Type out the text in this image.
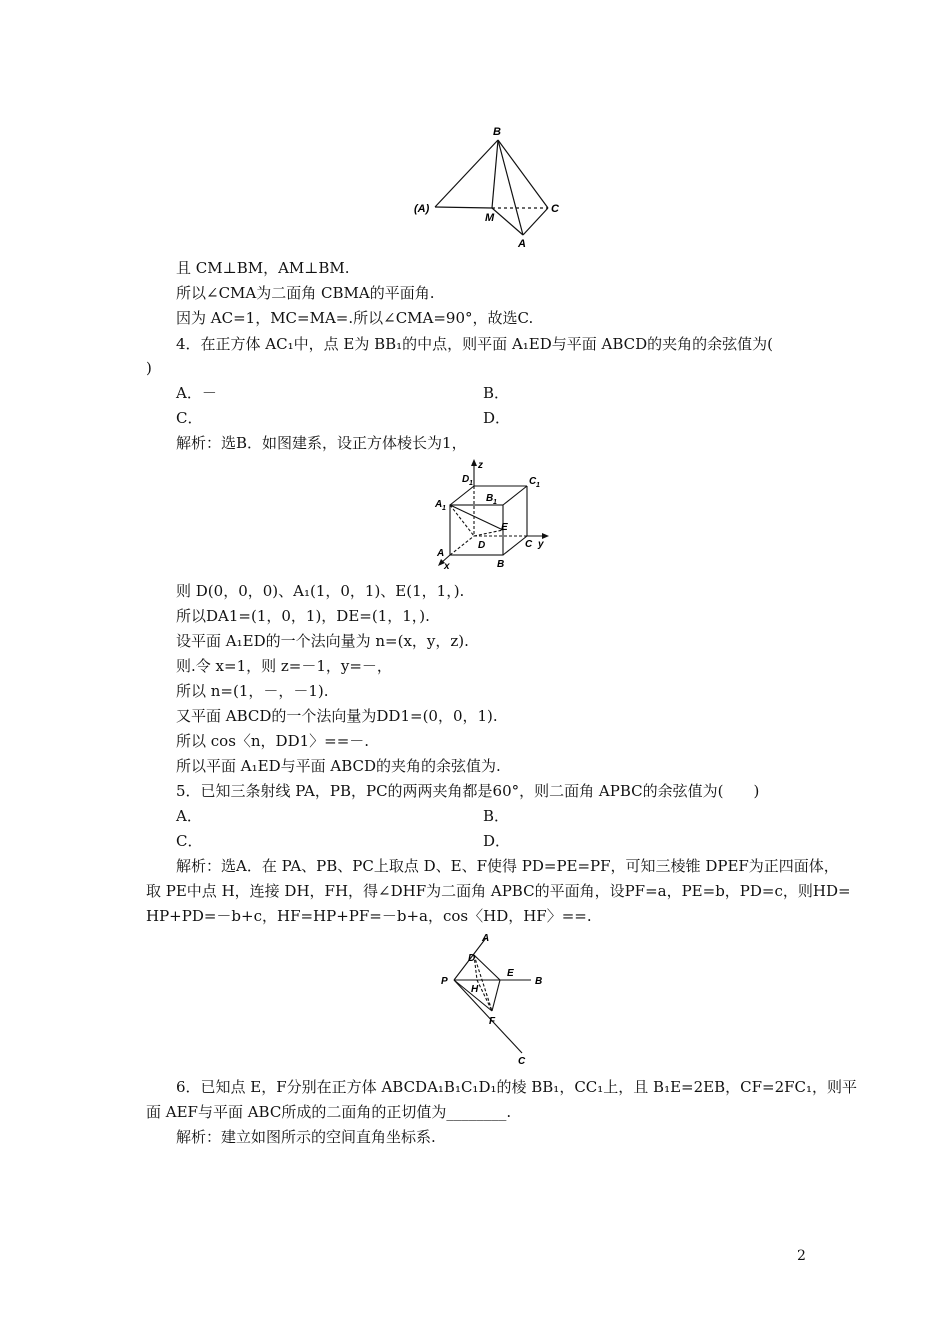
B
(A)
M
C
A
且 CM⊥BM，AM⊥BM.
所以∠CMA为二面角 CBMA的平面角.
因为 AC=1，MC=MA=.所以∠CMA=90°，故选C.
4．在正方体 AC₁中，点 E为 BB₁的中点，则平面 A₁ED与平面 ABCD的夹角的余弦值为(
)
A．－	B．
C．	D．
解析：选B．如图建系，设正方体棱长为1，
z
D 1	C 1
B 1
A 1
E
D	C y
A
x	B
则 D(0，0，0)、A₁(1，0，1)、E(1，1，).
所以DA1=(1，0，1)，DE=(1，1，).
设平面 A₁ED的一个法向量为 n=(x，y，z).
则.令 x=1，则 z=－1，y=－，
所以 n=(1，－，－1).
又平面 ABCD的一个法向量为DD1=(0，0，1).
所以 cos〈n，DD1〉==－.
所以平面 A₁ED与平面 ABCD的夹角的余弦值为.
5．已知三条射线 PA，PB，PC的两两夹角都是60°，则二面角 APBC的余弦值为(　　)
A．	B．
C．	D．
解析：选A．在 PA、PB、PC上取点 D、E、F使得 PD=PE=PF，可知三棱锥 DPEF为正四面体，
取 PE中点 H，连接 DH，FH，得∠DHF为二面角 APBC的平面角，设PF=a，PE=b，PD=c，则HD=
HP+PD=－b+c，HF=HP+PF=－b+a，cos〈HD，HF〉==.
A
D
P
E
B
H
F
C
6．已知点 E，F分别在正方体 ABCDA₁B₁C₁D₁的棱 BB₁，CC₁上，且 B₁E=2EB，CF=2FC₁，则平
面 AEF与平面 ABC所成的二面角的正切值为________.
解析：建立如图所示的空间直角坐标系.
2
